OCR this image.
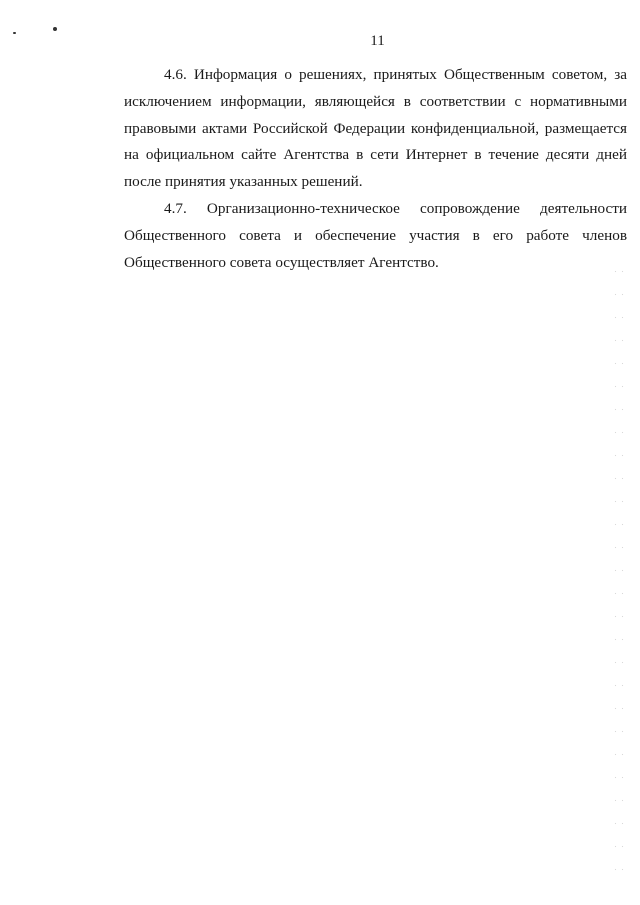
11

4.6. Информация о решениях, принятых Общественным советом, за исключением информации, являющейся в соответствии с нормативными правовыми актами Российской Федерации конфиденциальной, размещается на официальном сайте Агентства в сети Интернет в течение десяти дней после принятия указанных решений.

4.7. Организационно-техническое сопровождение деятельности Общественного совета и обеспечение участия в его работе членов Общественного совета осуществляет Агентство.
